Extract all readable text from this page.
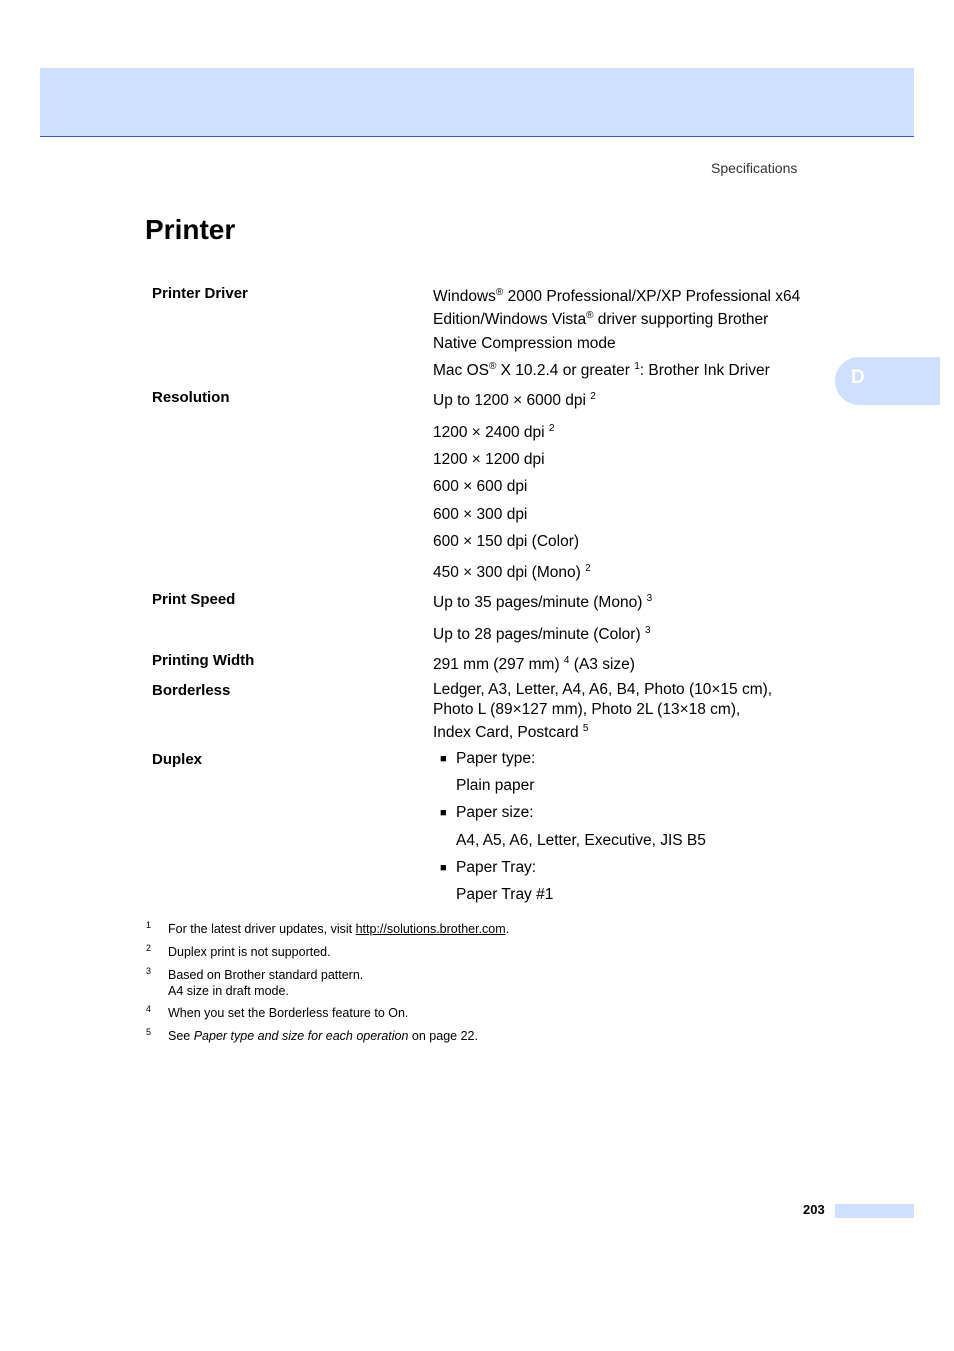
Specifications
Printer
D
Printer Driver	Windows® 2000 Professional/XP/XP Professional x64
Edition/Windows Vista® driver supporting Brother
Native Compression mode
Mac OS® X 10.2.4 or greater $^1$: Brother Ink Driver
Resolution	Up to 1200 × 6000 dpi $^2$
1200 × 2400 dpi $^2$
1200 × 1200 dpi
600 × 600 dpi
600 × 300 dpi
600 × 150 dpi (Color)
450 × 300 dpi (Mono) $^2$
Print Speed	Up to 35 pages/minute (Mono) $^3$
Up to 28 pages/minute (Color) $^3$
Printing Width	291 mm (297 mm) $^4$ (A3 size)
Borderless	Ledger, A3, Letter, A4, A6, B4, Photo (10×15 cm),
Photo L (89×127 mm), Photo 2L (13×18 cm),
Index Card, Postcard $^5$
Duplex	■ Paper type:
Plain paper
■ Paper size:
A4, A5, A6, Letter, Executive, JIS B5
■ Paper Tray:
Paper Tray #1
1 For the latest driver updates, visit http://solutions.brother.com.
2 Duplex print is not supported.
3 Based on Brother standard pattern.
A4 size in draft mode.
4 When you set the Borderless feature to On.
5 See Paper type and size for each operation on page 22.
203
